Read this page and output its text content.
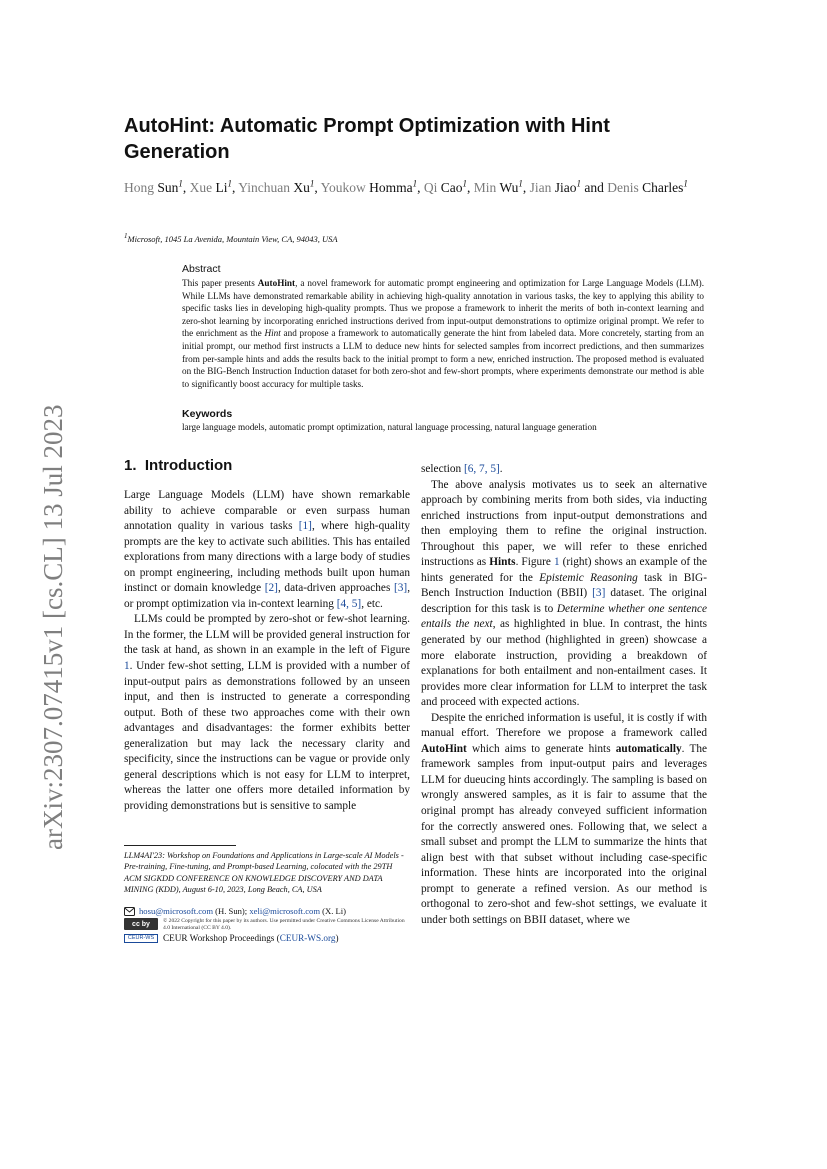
arXiv:2307.07415v1 [cs.CL] 13 Jul 2023
AutoHint: Automatic Prompt Optimization with Hint Generation
Hong Sun$^1$, Xue Li$^1$, Yinchuan Xu$^1$, Youkow Homma$^1$, Qi Cao$^1$, Min Wu$^1$, Jian Jiao$^1$ and Denis Charles$^1$
$^1$Microsoft, 1045 La Avenida, Mountain View, CA, 94043, USA
Abstract

This paper presents AutoHint, a novel framework for automatic prompt engineering and optimization for Large Language Models (LLM). While LLMs have demonstrated remarkable ability in achieving high-quality annotation in various tasks, the key to applying this ability to specific tasks lies in developing high-quality prompts. Thus we propose a framework to inherit the merits of both in-context learning and zero-shot learning by incorporating enriched instructions derived from input-output demonstrations to optimize original prompt. We refer to the enrichment as the Hint and propose a framework to automatically generate the hint from labeled data. More concretely, starting from an initial prompt, our method first instructs a LLM to deduce new hints for selected samples from incorrect predictions, and then summarizes from per-sample hints and adds the results back to the initial prompt to form a new, enriched instruction. The proposed method is evaluated on the BIG-Bench Instruction Induction dataset for both zero-shot and few-short prompts, where experiments demonstrate our method is able to significantly boost accuracy for multiple tasks.

Keywords

large language models, automatic prompt optimization, natural language processing, natural language generation

1. Introduction

Large Language Models (LLM) have shown remarkable ability to achieve comparable or even surpass human annotation quality in various tasks [1], where high-quality prompts are the key to activate such abilities. This has entailed explorations from many directions with a large body of studies on prompt engineering, including methods built upon human instinct or domain knowledge [2], data-driven approaches [3], or prompt optimization via in-context learning [4, 5], etc.

LLMs could be prompted by zero-shot or few-shot learning. In the former, the LLM will be provided general instruction for the task at hand, as shown in an example in the left of Figure 1. Under few-shot setting, LLM is provided with a number of input-output pairs as demonstrations followed by an unseen input, and then is instructed to generate a corresponding output. Both of these two approaches come with their own advantages and disadvantages: the former exhibits better generalization but may lack the necessary clarity and specificity, since the instructions can be vague or provide only general descriptions which is not easy for LLM to interpret, whereas the latter one offers more detailed information by providing demonstrations but is sensitive to sample

selection [6, 7, 5].

The above analysis motivates us to seek an alternative approach by combining merits from both sides, via inducting enriched instructions from input-output demonstrations and then employing them to refine the original instruction. Throughout this paper, we will refer to these enriched instructions as Hints. Figure 1 (right) shows an example of the hints generated for the Epistemic Reasoning task in BIG-Bench Instruction Induction (BBII) [3] dataset. The original description for this task is to Determine whether one sentence entails the next, as highlighted in blue. In contrast, the hints generated by our method (highlighted in green) showcase a more elaborate instruction, providing a breakdown of explanations for both entailment and non-entailment cases. It provides more clear information for LLM to interpret the task and proceed with expected actions.

Despite the enriched information is useful, it is costly if with manual effort. Therefore we propose a framework called AutoHint which aims to generate hints automatically. The framework samples from input-output pairs and leverages LLM for dueucing hints accordingly. The sampling is based on wrongly answered samples, as it is fair to assume that the original prompt has already conveyed sufficient information for the correctly answered ones. Following that, we select a small subset and prompt the LLM to summarize the hints that align best with that subset without including case-specific information. These hints are incorporated into the original prompt to generate a refined version. As our method is orthogonal to zero-shot and few-shot settings, we evaluate it under both settings on BBII dataset, where we

LLM4AI'23: Workshop on Foundations and Applications in Large-scale AI Models -Pre-training, Fine-tuning, and Prompt-based Learning, colocated with the 29TH ACM SIGKDD CONFERENCE ON KNOWLEDGE DISCOVERY AND DATA MINING (KDD), August 6-10, 2023, Long Beach, CA, USA
hosu@microsoft.com (H. Sun); xeli@microsoft.com (X. Li)
cc by	© 2022 Copyright for this paper by its authors. Use permitted under Creative Commons License Attribution 4.0 International (CC BY 4.0).
CEUR-WS CEUR Workshop Proceedings (CEUR-WS.org)
